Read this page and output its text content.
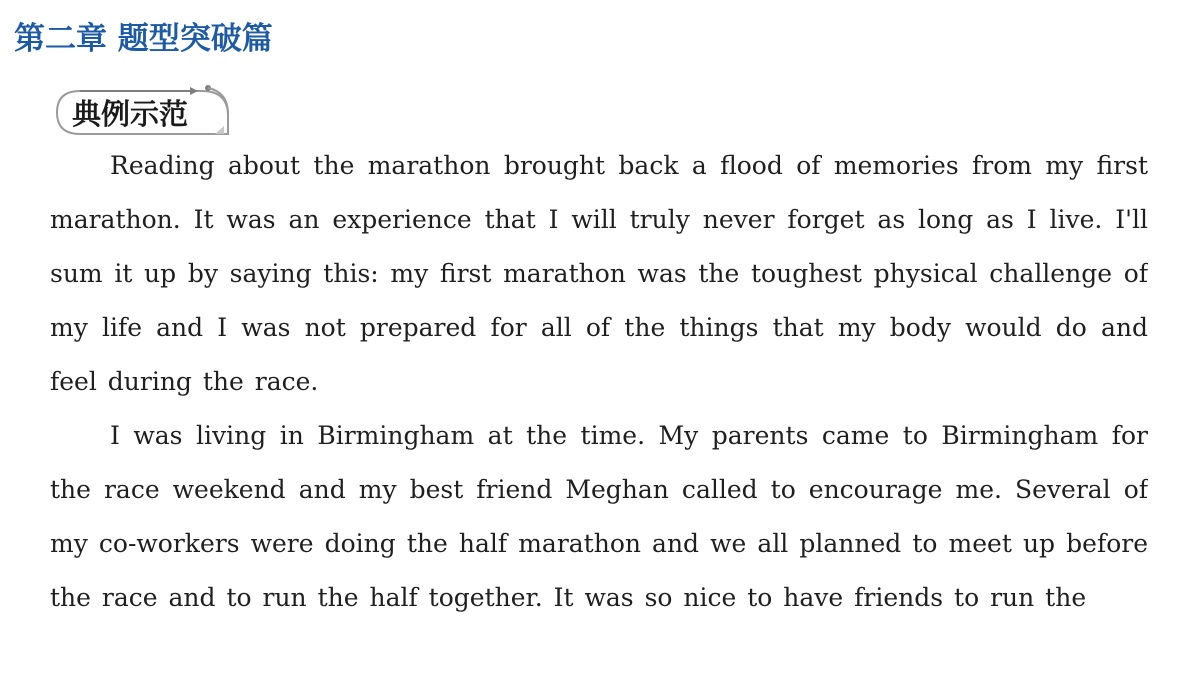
第二章 题型突破篇
典例示范

Reading about the marathon brought back a flood of memories from my first marathon. It was an experience that I will truly never forget as long as I live. I'll sum it up by saying this: my first marathon was the toughest physical challenge of my life and I was not prepared for all of the things that my body would do and feel during the race.

I was living in Birmingham at the time. My parents came to Birmingham for the race weekend and my best friend Meghan called to encourage me. Several of my co-workers were doing the half marathon and we all planned to meet up before the race and to run the half together. It was so nice to have friends to run the
